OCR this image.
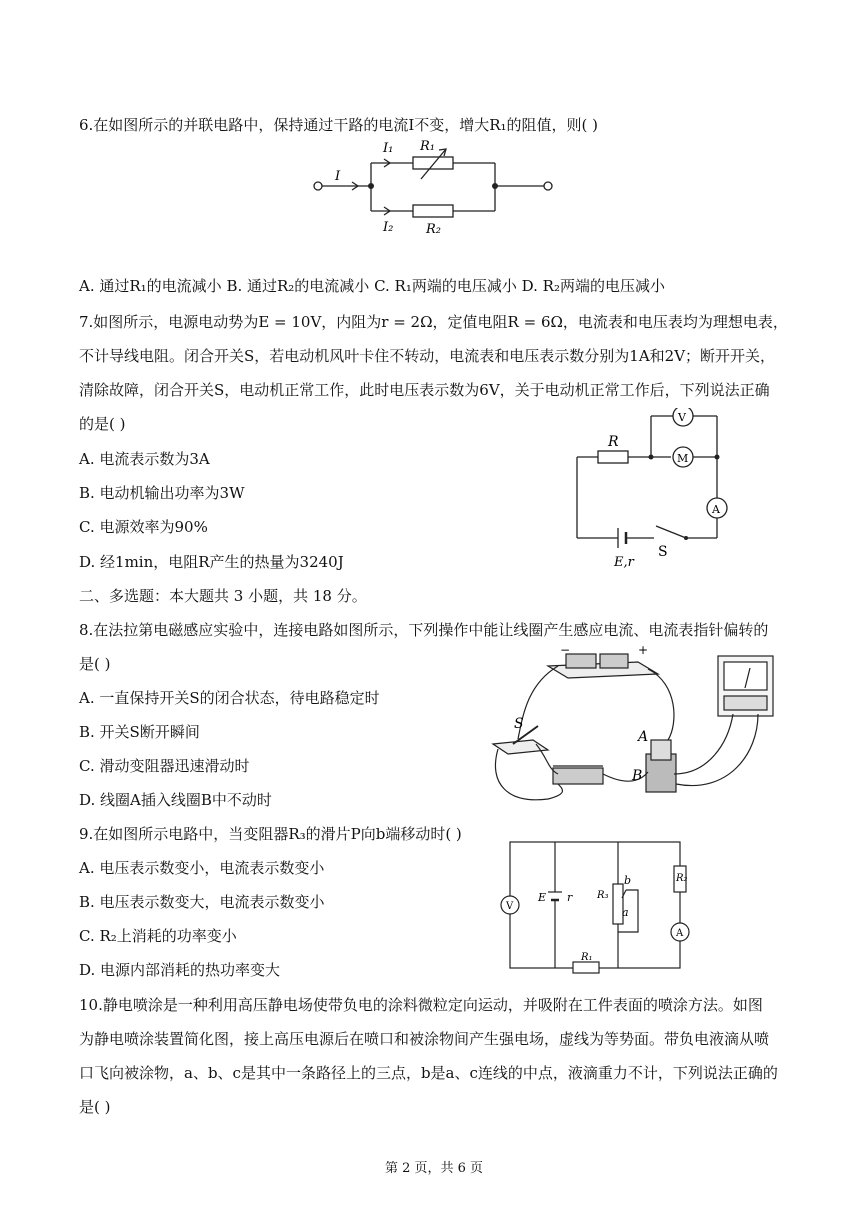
6.在如图所示的并联电路中，保持通过干路的电流I不变，增大R₁的阻值，则( )
I
I₁ R₁
I₂	R₂
A. 通过R₁的电流减小 B. 通过R₂的电流减小 C. R₁两端的电压减小 D. R₂两端的电压减小
7.如图所示，电源电动势为E = 10V，内阻为r = 2Ω，定值电阻R = 6Ω，电流表和电压表均为理想电表，
不计导线电阻。闭合开关S，若电动机风叶卡住不转动，电流表和电压表示数分别为1A和2V；断开开关，
清除故障，闭合开关S，电动机正常工作，此时电压表示数为6V，关于电动机正常工作后，下列说法正确
的是( )
A. 电流表示数为3A
B. 电动机输出功率为3W
C. 电源效率为90%
D. 经1min，电阻R产生的热量为3240J
R
V
M
A
E,r
S
二、多选题：本大题共 3 小题，共 18 分。
8.在法拉第电磁感应实验中，连接电路如图所示，下列操作中能让线圈产生感应电流、电流表指针偏转的
是( )
A. 一直保持开关S的闭合状态，待电路稳定时
B. 开关S断开瞬间
C. 滑动变阻器迅速滑动时
D. 线圈A插入线圈B中不动时
−	+
S
A
B
9.在如图所示电路中，当变阻器R₃的滑片P向b端移动时( )
A. 电压表示数变小，电流表示数变小
B. 电压表示数变大，电流表示数变小
C. R₂上消耗的功率变小
D. 电源内部消耗的热功率变大
V
E r R₃
b
a
R₂
A
R₁
10.静电喷涂是一种利用高压静电场使带负电的涂料微粒定向运动，并吸附在工件表面的喷涂方法。如图
为静电喷涂装置简化图，接上高压电源后在喷口和被涂物间产生强电场，虚线为等势面。带负电液滴从喷
口飞向被涂物，a、b、c是其中一条路径上的三点，b是a、c连线的中点，液滴重力不计，下列说法正确的
是( )
第 2 页，共 6 页
